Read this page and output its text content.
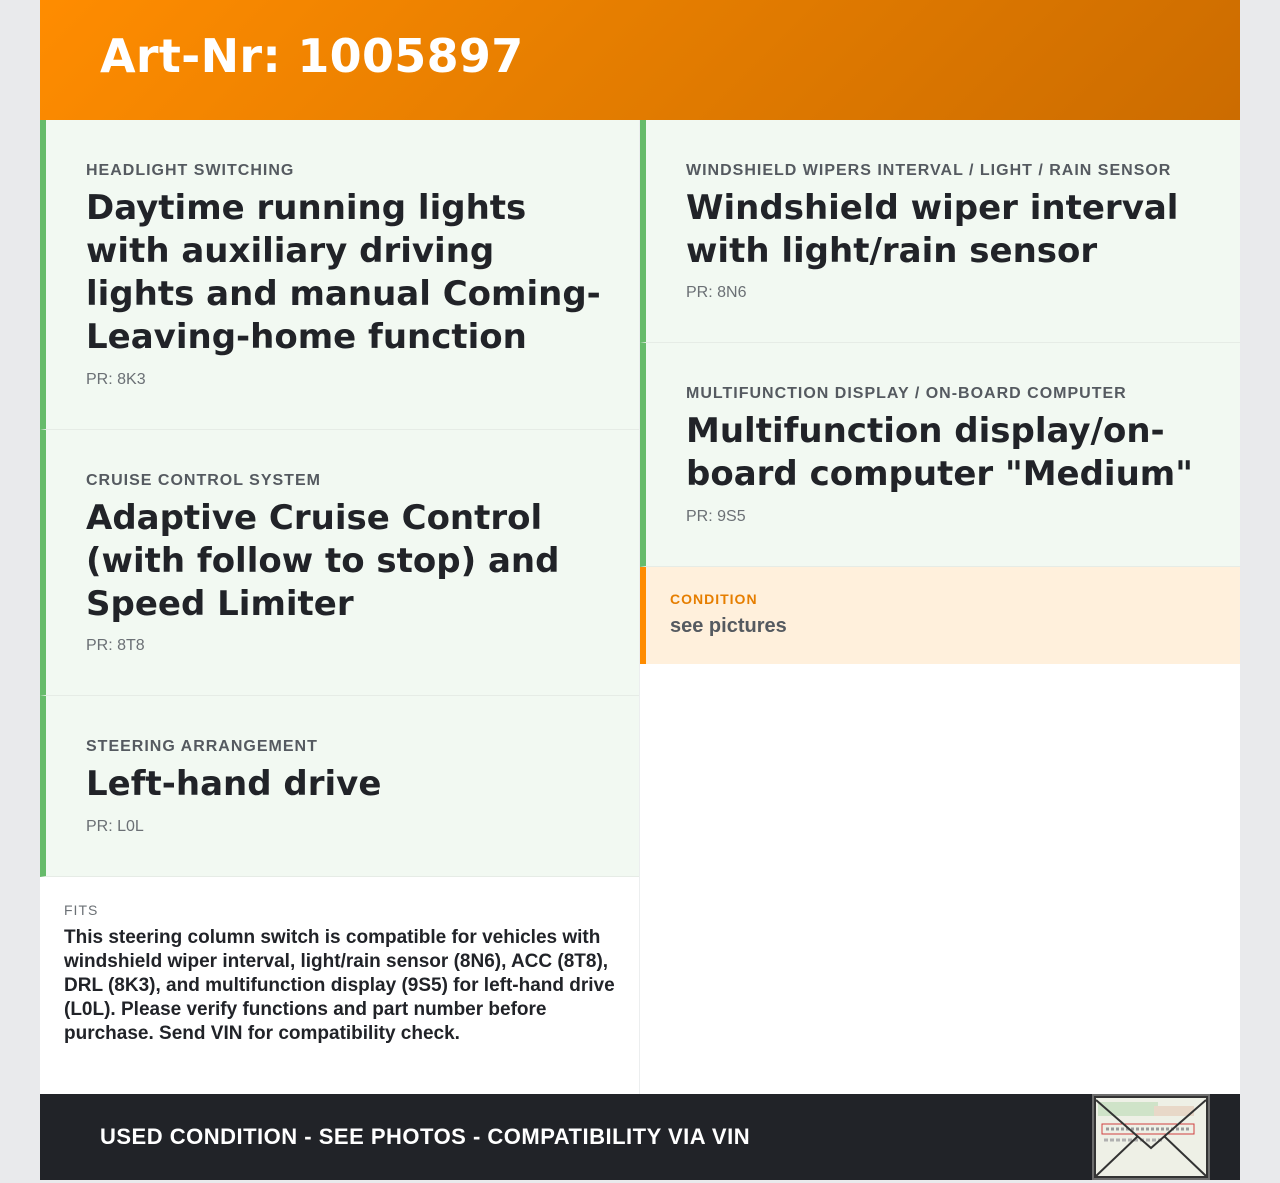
Art-Nr: 1005897
HEADLIGHT SWITCHING
Daytime running lights with auxiliary driving lights and manual Coming- Leaving-home function
PR: 8K3
CRUISE CONTROL SYSTEM
Adaptive Cruise Control (with follow to stop) and Speed Limiter
PR: 8T8
STEERING ARRANGEMENT
Left-hand drive
PR: L0L
WINDSHIELD WIPERS INTERVAL / LIGHT / RAIN SENSOR
Windshield wiper interval with light/rain sensor
PR: 8N6
MULTIFUNCTION DISPLAY / ON-BOARD COMPUTER
Multifunction display/on-board computer "Medium"
PR: 9S5
CONDITION
see pictures
FITS
This steering column switch is compatible for vehicles with windshield wiper interval, light/rain sensor (8N6), ACC (8T8), DRL (8K3), and multifunction display (9S5) for left-hand drive (L0L). Please verify functions and part number before purchase. Send VIN for compatibility check.
USED CONDITION - SEE PHOTOS - COMPATIBILITY VIA VIN
